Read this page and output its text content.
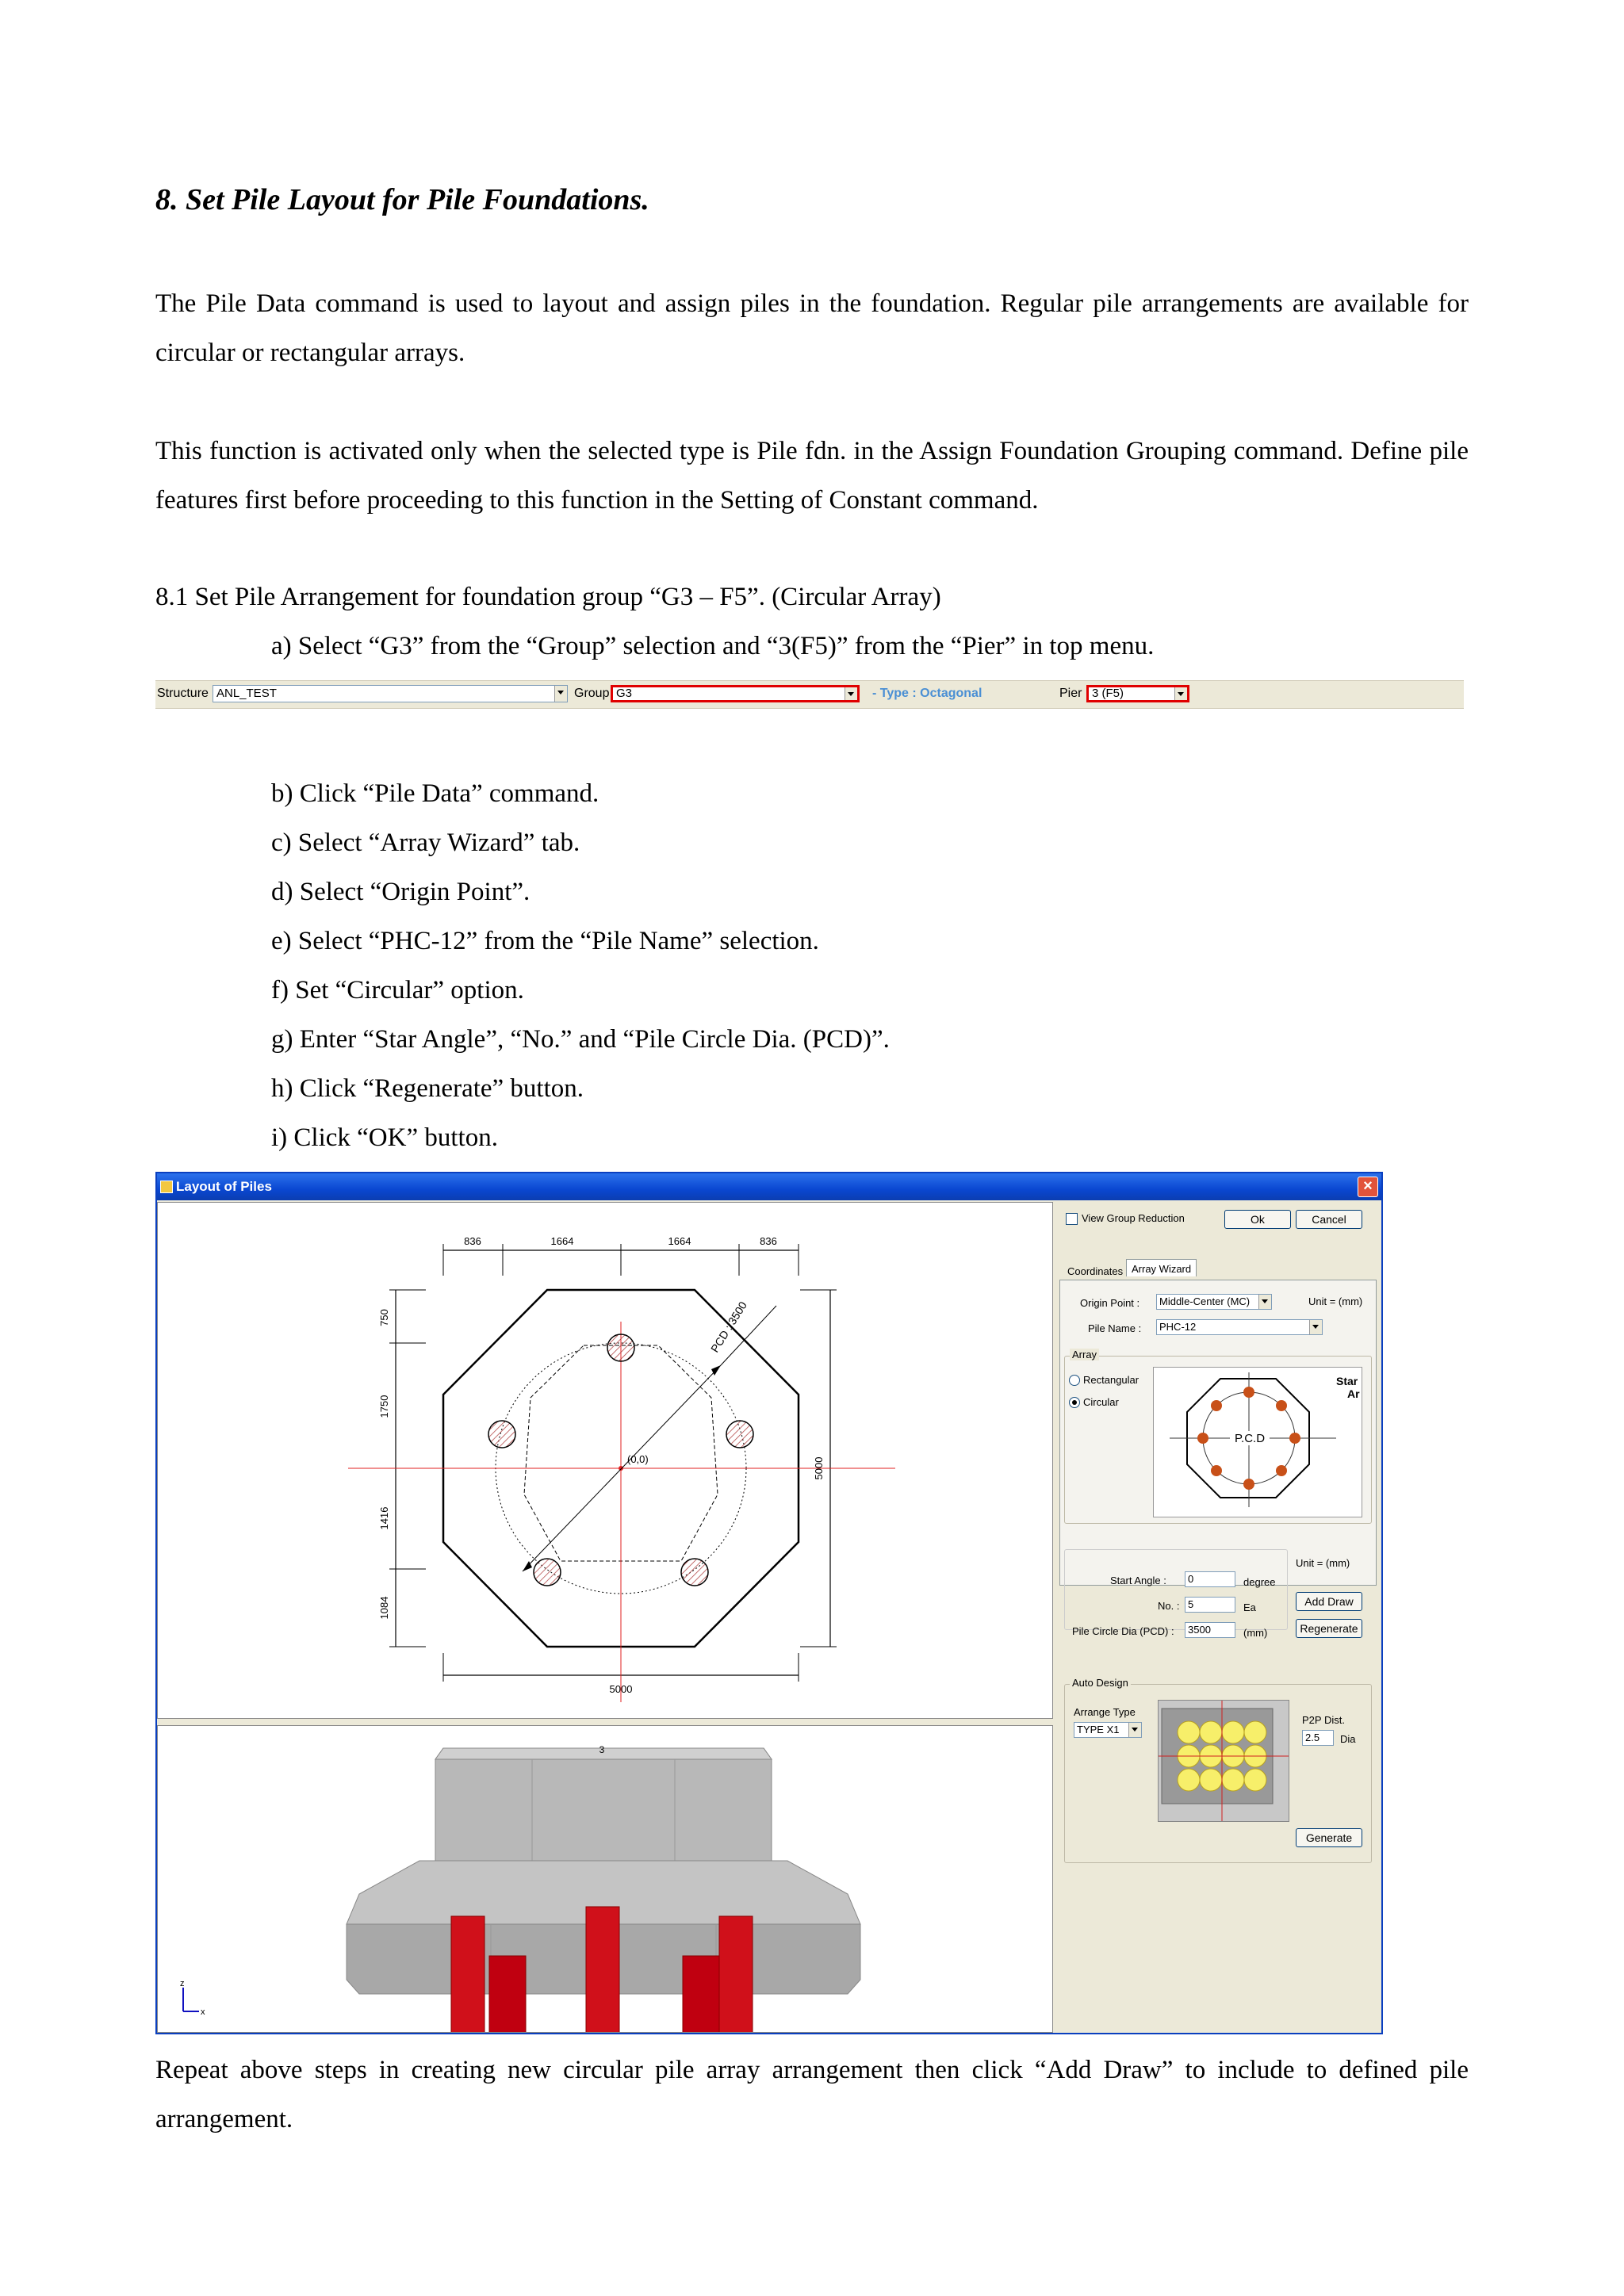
8. Set Pile Layout for Pile Foundations.
The Pile Data command is used to layout and assign piles in the foundation. Regular pile arrangements are available for circular or rectangular arrays.
This function is activated only when the selected type is Pile fdn. in the Assign Foundation Grouping command. Define pile features first before proceeding to this function in the Setting of Constant command.
8.1 Set Pile Arrangement for foundation group “G3 – F5”. (Circular Array)
a) Select “G3” from the “Group” selection and “3(F5)” from the “Pier” in top menu.
b) Click “Pile Data” command.
c) Select “Array Wizard” tab.
d) Select “Origin Point”.
e) Select “PHC-12” from the “Pile Name” selection.
f) Set “Circular” option.
g) Enter “Star Angle”, “No.” and “Pile Circle Dia. (PCD)”.
h) Click “Regenerate” button.
i) Click “OK” button.
Repeat above steps in creating new circular pile array arrangement then click “Add Draw” to include to defined pile arrangement.
Structure ANL_TEST	Group G3	- Type : Octagonal	Pier 3 (F5)
Layout of Piles	×
836	1664	1664	836
750
1750
1416
1084
5000
5000
(0,0)
PCD : 3500
3
z
x
View Group Reduction	Ok	Cancel
Coordinates Array Wizard
Origin Point :	Middle-Center (MC)	Unit = (mm)
Pile Name :	PHC-12
Array
Rectangular
Circular
P.C.D
Star
Ar
Unit = (mm)
Start Angle :	0	degree
No. : 5	Ea
Pile Circle Dia (PCD) :	3500	(mm)
Add Draw
Regenerate
Auto Design
Arrange Type
TYPE X1
P2P Dist.
2.5	Dia
Generate
